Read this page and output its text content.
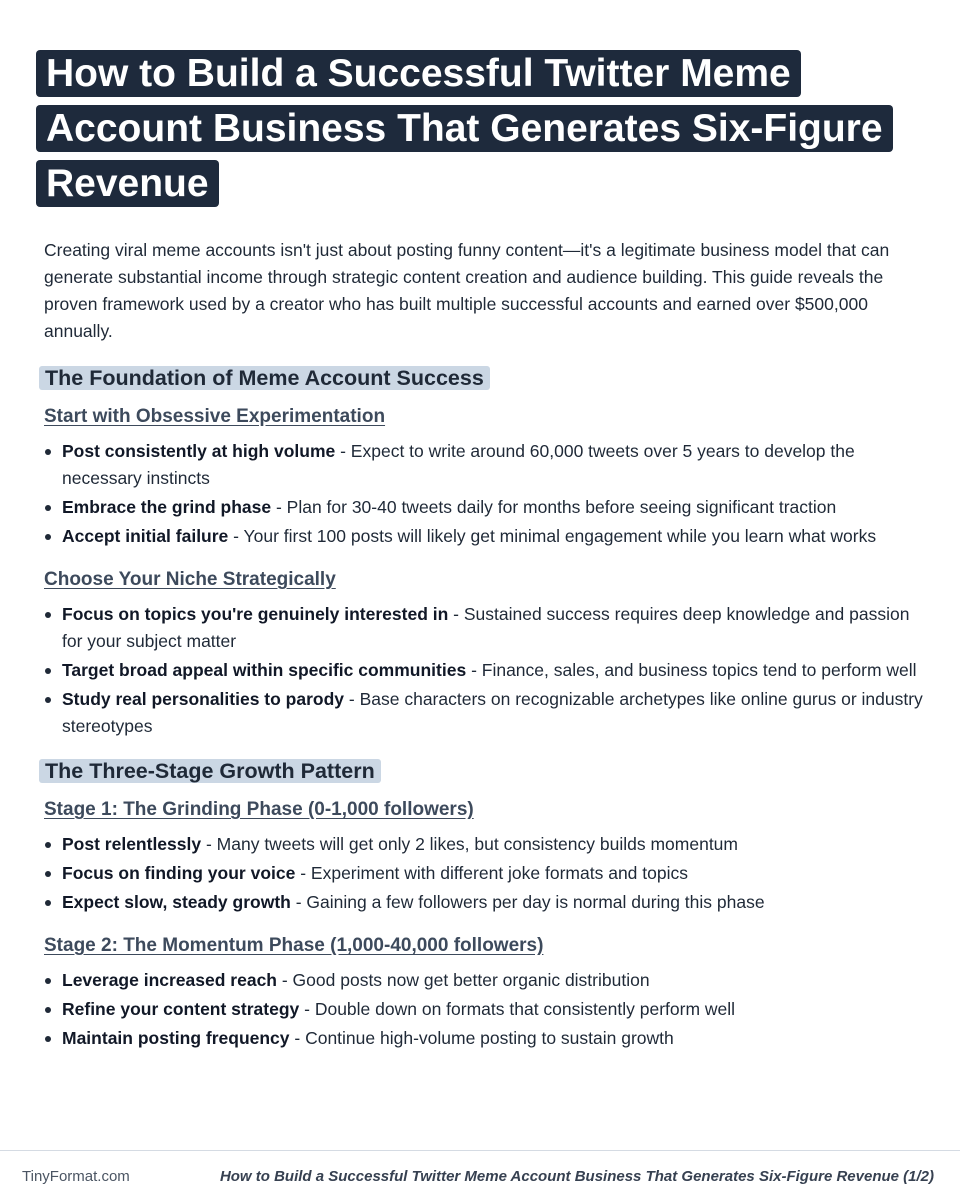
How to Build a Successful Twitter Meme
Account Business That Generates Six-Figure
Revenue

Creating viral meme accounts isn't just about posting funny content—it's a legitimate business model that can generate substantial income through strategic content creation and audience building. This guide reveals the proven framework used by a creator who has built multiple successful accounts and earned over $500,000 annually.

The Foundation of Meme Account Success
Start with Obsessive Experimentation
Post consistently at high volume - Expect to write around 60,000 tweets over 5 years to develop the necessary instincts
Embrace the grind phase - Plan for 30-40 tweets daily for months before seeing significant traction
Accept initial failure - Your first 100 posts will likely get minimal engagement while you learn what works
Choose Your Niche Strategically
Focus on topics you're genuinely interested in - Sustained success requires deep knowledge and passion for your subject matter
Target broad appeal within specific communities - Finance, sales, and business topics tend to perform well
Study real personalities to parody - Base characters on recognizable archetypes like online gurus or industry stereotypes
The Three-Stage Growth Pattern
Stage 1: The Grinding Phase (0-1,000 followers)
Post relentlessly - Many tweets will get only 2 likes, but consistency builds momentum
Focus on finding your voice - Experiment with different joke formats and topics
Expect slow, steady growth - Gaining a few followers per day is normal during this phase
Stage 2: The Momentum Phase (1,000-40,000 followers)
Leverage increased reach - Good posts now get better organic distribution
Refine your content strategy - Double down on formats that consistently perform well
Maintain posting frequency - Continue high-volume posting to sustain growth
TinyFormat.com	How to Build a Successful Twitter Meme Account Business That Generates Six-Figure Revenue (1/2)
